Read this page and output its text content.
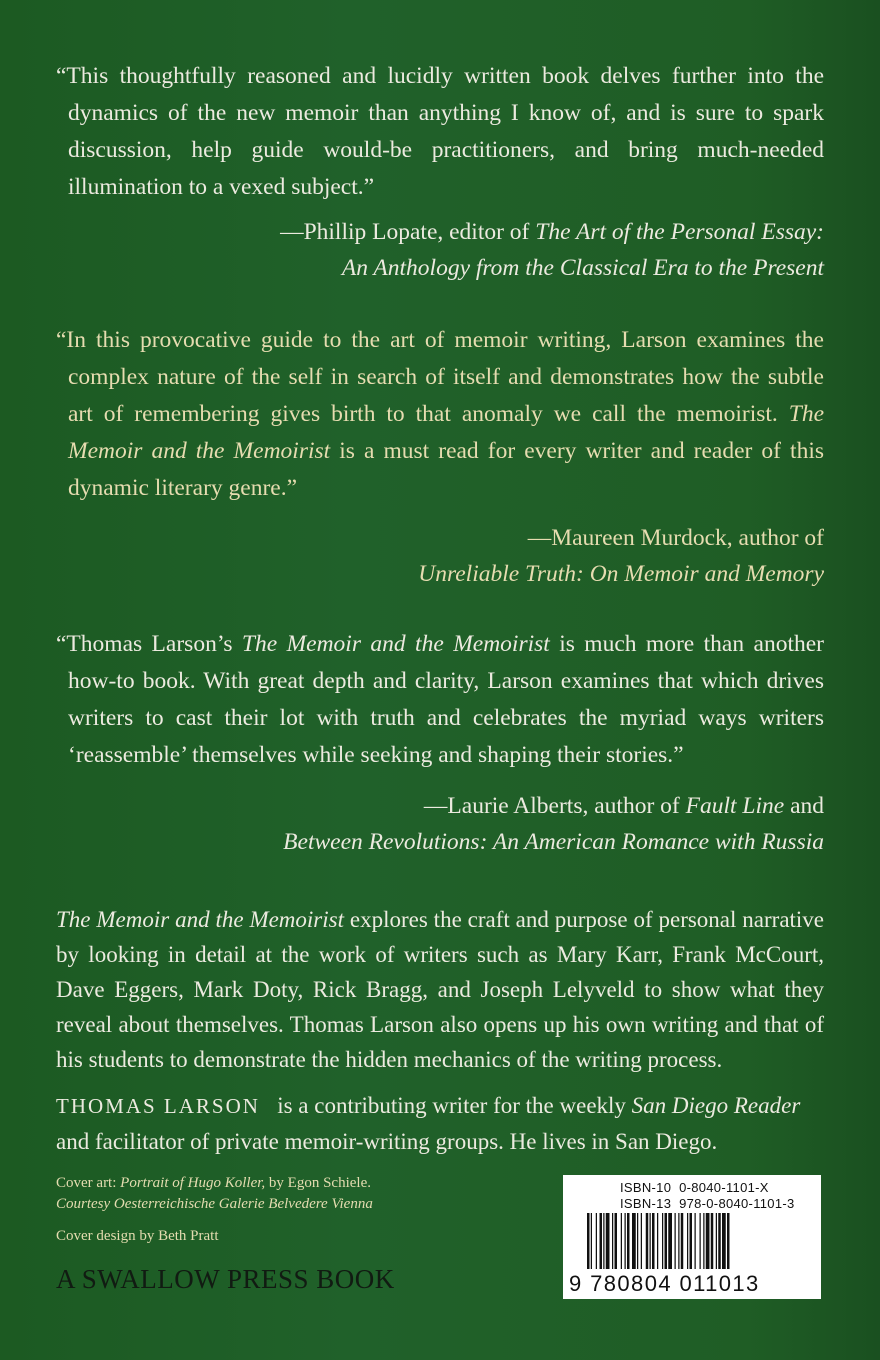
“This thoughtfully reasoned and lucidly written book delves further into the dynamics of the new memoir than anything I know of, and is sure to spark discussion, help guide would-be practitioners, and bring much-needed illumination to a vexed subject.”

—Phillip Lopate, editor of The Art of the Personal Essay:
An Anthology from the Classical Era to the Present

“In this provocative guide to the art of memoir writing, Larson examines the complex nature of the self in search of itself and demonstrates how the subtle art of remembering gives birth to that anomaly we call the memoirist. The Memoir and the Memoirist is a must read for every writer and reader of this dynamic literary genre.”

—Maureen Murdock, author of
Unreliable Truth: On Memoir and Memory

“Thomas Larson’s The Memoir and the Memoirist is much more than another how-to book. With great depth and clarity, Larson examines that which drives writers to cast their lot with truth and celebrates the myriad ways writers ‘reassemble’ themselves while seeking and shaping their stories.”

—Laurie Alberts, author of Fault Line and
Between Revolutions: An American Romance with Russia

The Memoir and the Memoirist explores the craft and purpose of personal narrative by looking in detail at the work of writers such as Mary Karr, Frank McCourt, Dave Eggers, Mark Doty, Rick Bragg, and Joseph Lelyveld to show what they reveal about themselves. Thomas Larson also opens up his own writing and that of his students to demonstrate the hidden mechanics of the writing process.

THOMAS LARSON   is a contributing writer for the weekly San Diego Reader and facilitator of private memoir-writing groups. He lives in San Diego.
Cover art: Portrait of Hugo Koller, by Egon Schiele.
Courtesy Oesterreichische Galerie Belvedere Vienna
Cover design by Beth Pratt
A SWALLOW PRESS BOOK
ISBN-10 0-8040-1101-X
ISBN-13 978-0-8040-1101-3
9 780804 011013
